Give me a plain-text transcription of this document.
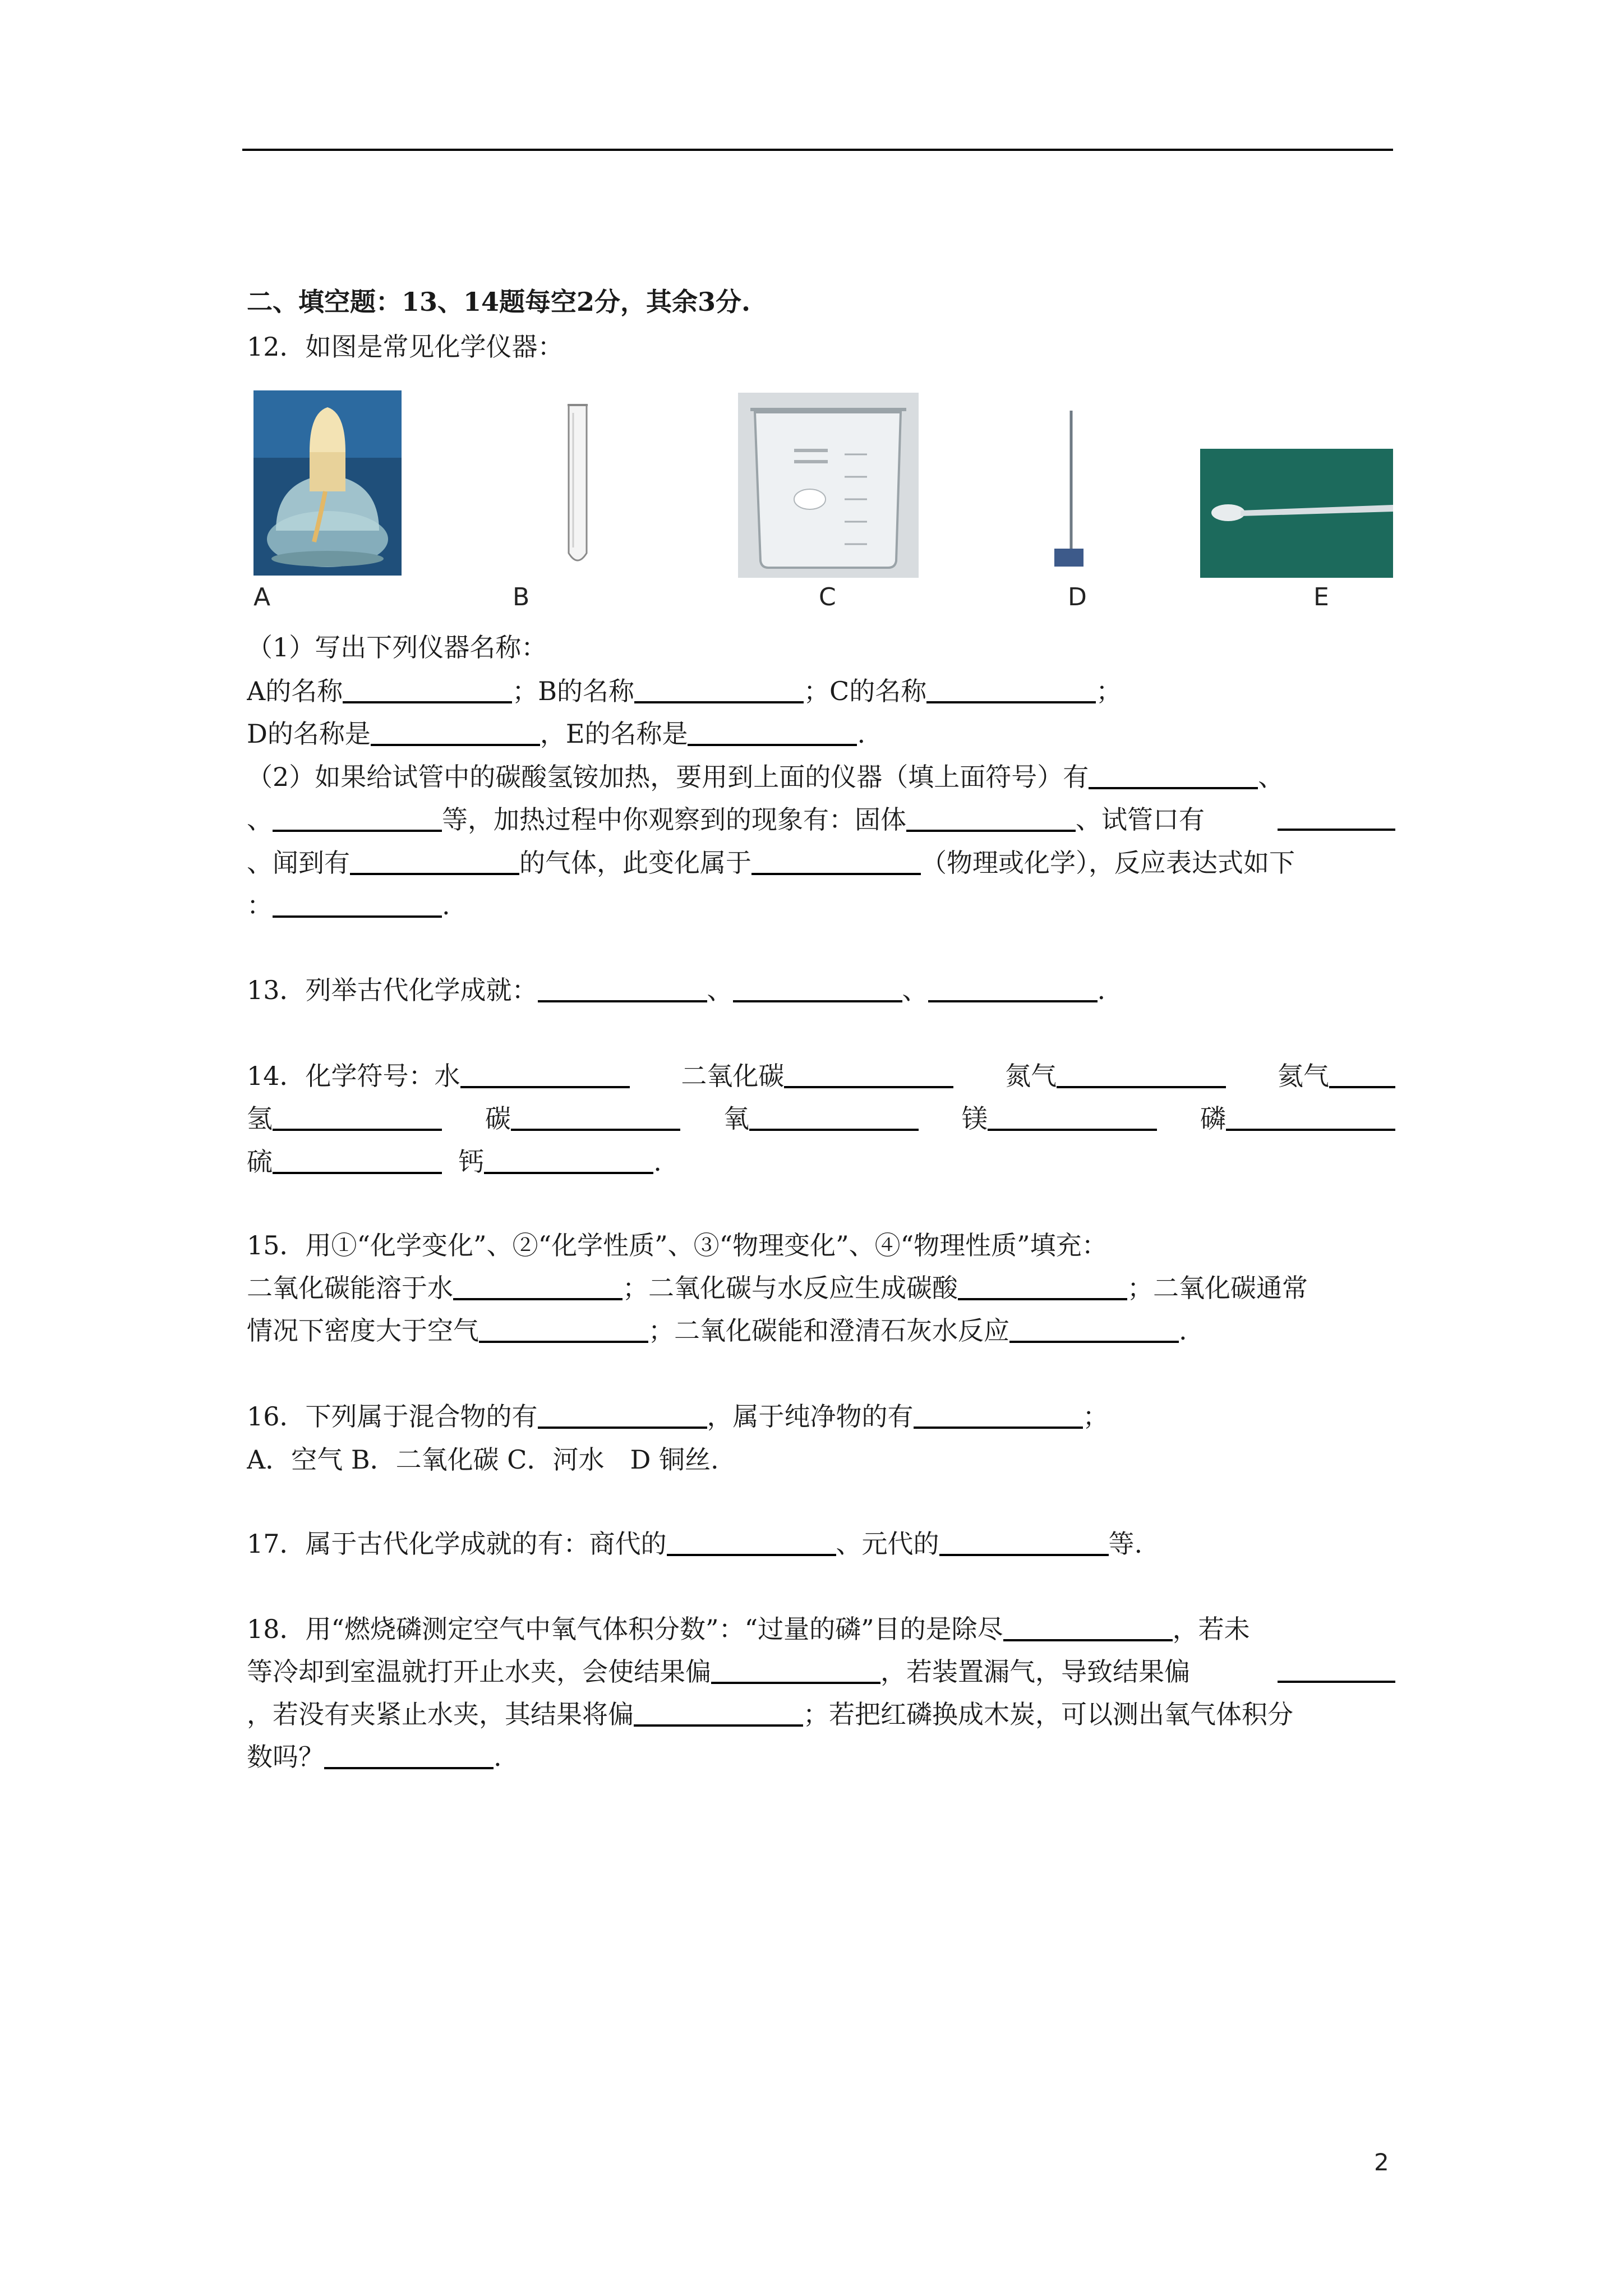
二、填空题：13、14题每空2分，其余3分.
12．如图是常见化学仪器：
A	B	C	D	E
（1）写出下列仪器名称：
A的名称	；B的名称	；C的名称	；
D的名称是	，E的名称是	.
（2）如果给试管中的碳酸氢铵加热，要用到上面的仪器（填上面符号）有	、
、	等，加热过程中你观察到的现象有：固体	、试管口有
、闻到有	的气体，此变化属于	（物理或化学），反应表达式如下
：	.
13．列举古代化学成就：	、	、	.
14．化学符号：水	二氧化碳	氮气	氦气
氢	碳	氧	镁	磷
硫	钙	.
15．用①“化学变化”、②“化学性质”、③“物理变化”、④“物理性质”填充：
二氧化碳能溶于水	；二氧化碳与水反应生成碳酸	；二氧化碳通常
情况下密度大于空气	；二氧化碳能和澄清石灰水反应	.
16．下列属于混合物的有	，属于纯净物的有	；
A．空气 B．二氧化碳 C．河水　D 铜丝.
17．属于古代化学成就的有：商代的	、元代的	等.
18．用“燃烧磷测定空气中氧气体积分数”：“过量的磷”目的是除尽	，若未
等冷却到室温就打开止水夹，会使结果偏	，若装置漏气，导致结果偏
，若没有夹紧止水夹，其结果将偏	；若把红磷换成木炭，可以测出氧气体积分
数吗？	.
2
